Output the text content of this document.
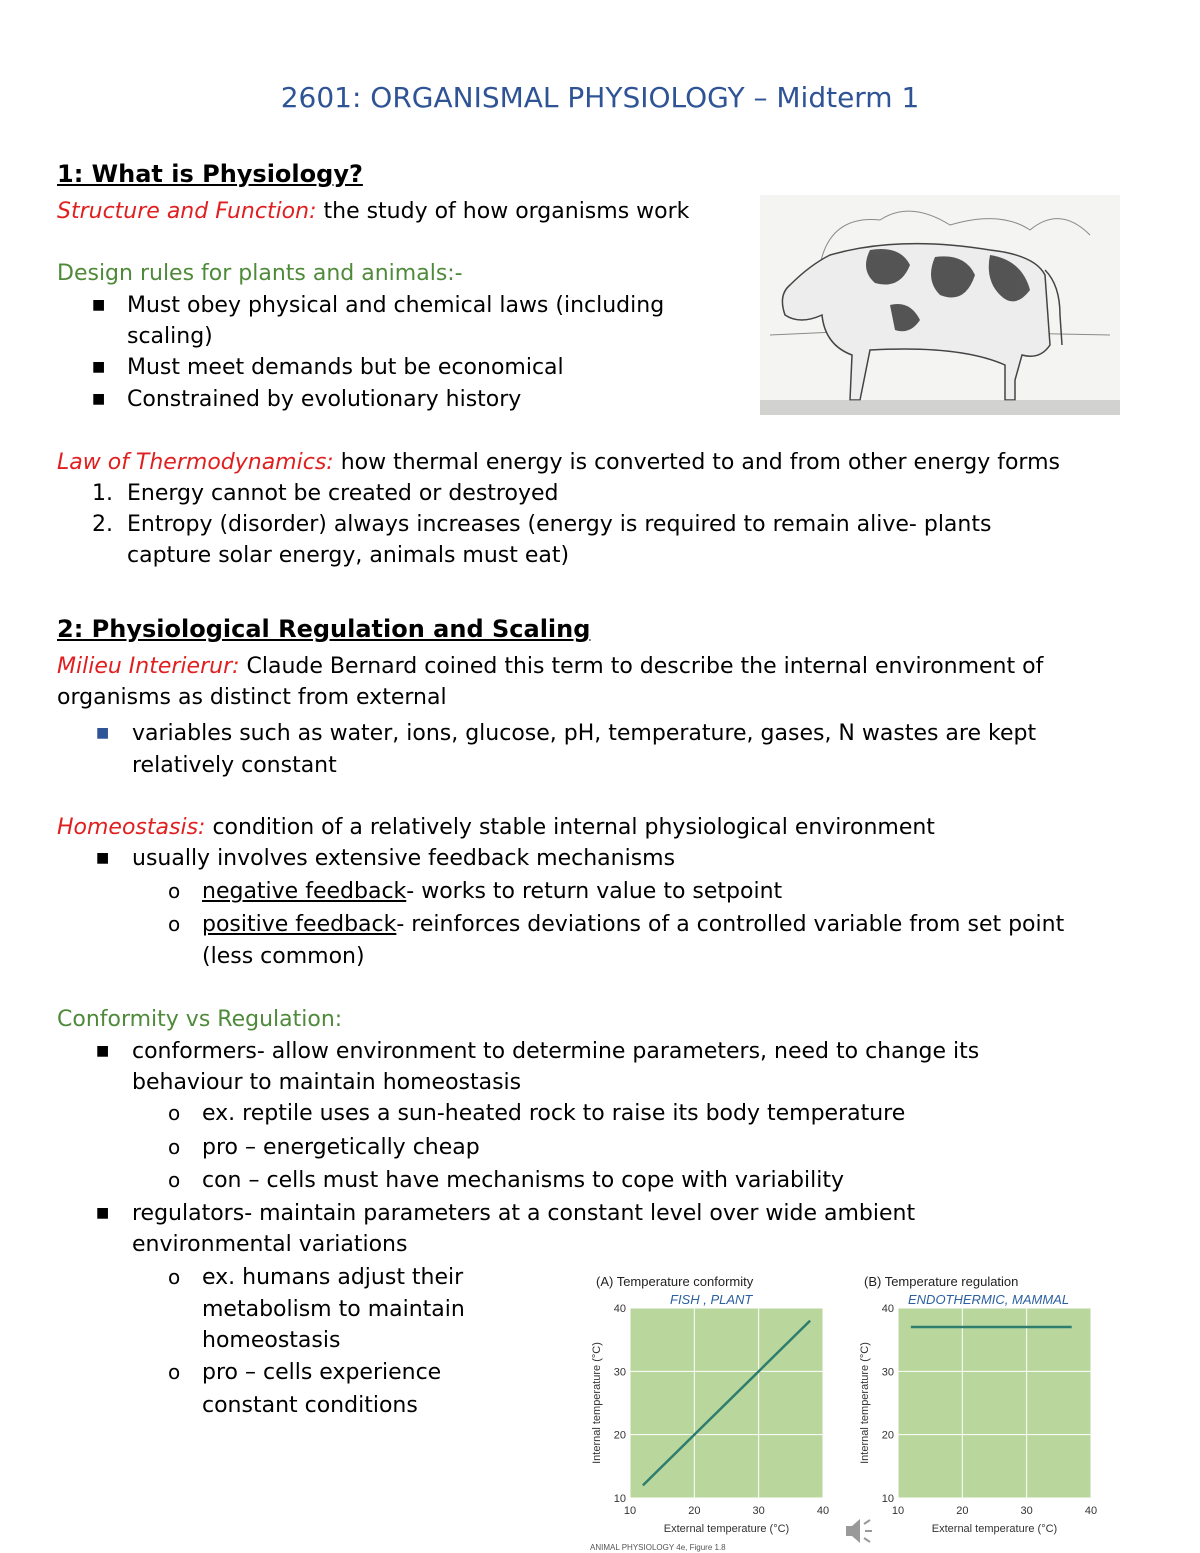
2601: ORGANISMAL PHYSIOLOGY – Midterm 1
1: What is Physiology?
Structure and Function: the study of how organisms work
Design rules for plants and animals:-
■ Must obey physical and chemical laws (including
scaling)
■ Must meet demands but be economical
■ Constrained by evolutionary history
Law of Thermodynamics: how thermal energy is converted to and from other energy forms
1. Energy cannot be created or destroyed
2. Entropy (disorder) always increases (energy is required to remain alive- plants
capture solar energy, animals must eat)
2: Physiological Regulation and Scaling
Milieu Interierur: Claude Bernard coined this term to describe the internal environment of
organisms as distinct from external
■ variables such as water, ions, glucose, pH, temperature, gases, N wastes are kept
relatively constant
Homeostasis: condition of a relatively stable internal physiological environment
■ usually involves extensive feedback mechanisms
o negative feedback- works to return value to setpoint
o positive feedback- reinforces deviations of a controlled variable from set point
(less common)
Conformity vs Regulation:
■ conformers- allow environment to determine parameters, need to change its
behaviour to maintain homeostasis
o ex. reptile uses a sun-heated rock to raise its body temperature
o pro – energetically cheap
o con – cells must have mechanisms to cope with variability
■ regulators- maintain parameters at a constant level over wide ambient
environmental variations
o ex. humans adjust their
metabolism to maintain
homeostasis
o pro – cells experience
constant conditions
(A) Temperature conformity
FISH , PLANT
10	20	30	40
10
20
30
40
External temperature (°C)
Internal temperature (°C)
(B) Temperature regulation
ENDOTHERMIC, MAMMAL
10	20	30	40
10
20
30
40
External temperature (°C)
Internal temperature (°C)
ANIMAL PHYSIOLOGY 4e, Figure 1.8
